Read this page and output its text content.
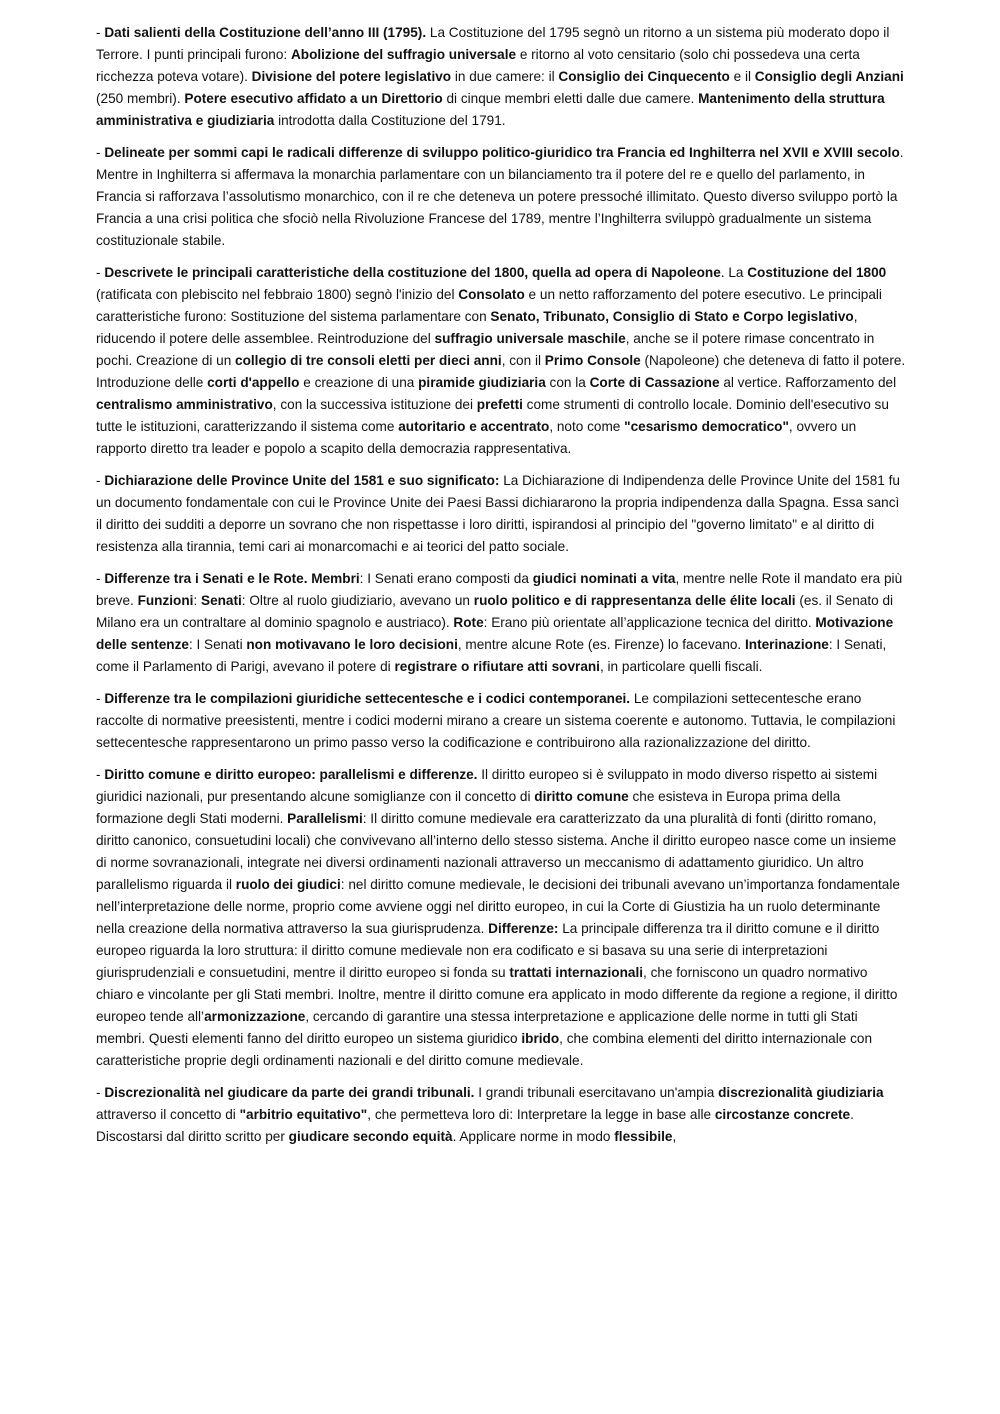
- Dati salienti della Costituzione dell’anno III (1795). La Costituzione del 1795 segnò un ritorno a un sistema più moderato dopo il Terrore. I punti principali furono: Abolizione del suffragio universale e ritorno al voto censitario (solo chi possedeva una certa ricchezza poteva votare). Divisione del potere legislativo in due camere: il Consiglio dei Cinquecento e il Consiglio degli Anziani (250 membri). Potere esecutivo affidato a un Direttorio di cinque membri eletti dalle due camere. Mantenimento della struttura amministrativa e giudiziaria introdotta dalla Costituzione del 1791.

- Delineate per sommi capi le radicali differenze di sviluppo politico-giuridico tra Francia ed Inghilterra nel XVII e XVIII secolo. Mentre in Inghilterra si affermava la monarchia parlamentare con un bilanciamento tra il potere del re e quello del parlamento, in Francia si rafforzava l’assolutismo monarchico, con il re che deteneva un potere pressoché illimitato. Questo diverso sviluppo portò la Francia a una crisi politica che sfociò nella Rivoluzione Francese del 1789, mentre l’Inghilterra sviluppò gradualmente un sistema costituzionale stabile.

- Descrivete le principali caratteristiche della costituzione del 1800, quella ad opera di Napoleone. La Costituzione del 1800 (ratificata con plebiscito nel febbraio 1800) segnò l'inizio del Consolato e un netto rafforzamento del potere esecutivo. Le principali caratteristiche furono: Sostituzione del sistema parlamentare con Senato, Tribunato, Consiglio di Stato e Corpo legislativo, riducendo il potere delle assemblee. Reintroduzione del suffragio universale maschile, anche se il potere rimase concentrato in pochi. Creazione di un collegio di tre consoli eletti per dieci anni, con il Primo Console (Napoleone) che deteneva di fatto il potere. Introduzione delle corti d'appello e creazione di una piramide giudiziaria con la Corte di Cassazione al vertice. Rafforzamento del centralismo amministrativo, con la successiva istituzione dei prefetti come strumenti di controllo locale. Dominio dell'esecutivo su tutte le istituzioni, caratterizzando il sistema come autoritario e accentrato, noto come "cesarismo democratico", ovvero un rapporto diretto tra leader e popolo a scapito della democrazia rappresentativa.

- Dichiarazione delle Province Unite del 1581 e suo significato: La Dichiarazione di Indipendenza delle Province Unite del 1581 fu un documento fondamentale con cui le Province Unite dei Paesi Bassi dichiararono la propria indipendenza dalla Spagna. Essa sancì il diritto dei sudditi a deporre un sovrano che non rispettasse i loro diritti, ispirandosi al principio del "governo limitato" e al diritto di resistenza alla tirannia, temi cari ai monarcomachi e ai teorici del patto sociale.

- Differenze tra i Senati e le Rote. Membri: I Senati erano composti da giudici nominati a vita, mentre nelle Rote il mandato era più breve. Funzioni: Senati: Oltre al ruolo giudiziario, avevano un ruolo politico e di rappresentanza delle élite locali (es. il Senato di Milano era un contraltare al dominio spagnolo e austriaco). Rote: Erano più orientate all’applicazione tecnica del diritto. Motivazione delle sentenze: I Senati non motivavano le loro decisioni, mentre alcune Rote (es. Firenze) lo facevano. Interinazione: I Senati, come il Parlamento di Parigi, avevano il potere di registrare o rifiutare atti sovrani, in particolare quelli fiscali.

- Differenze tra le compilazioni giuridiche settecentesche e i codici contemporanei. Le compilazioni settecentesche erano raccolte di normative preesistenti, mentre i codici moderni mirano a creare un sistema coerente e autonomo. Tuttavia, le compilazioni settecentesche rappresentarono un primo passo verso la codificazione e contribuirono alla razionalizzazione del diritto.

- Diritto comune e diritto europeo: parallelismi e differenze. Il diritto europeo si è sviluppato in modo diverso rispetto ai sistemi giuridici nazionali, pur presentando alcune somiglianze con il concetto di diritto comune che esisteva in Europa prima della formazione degli Stati moderni. Parallelismi: Il diritto comune medievale era caratterizzato da una pluralità di fonti (diritto romano, diritto canonico, consuetudini locali) che convivevano all’interno dello stesso sistema. Anche il diritto europeo nasce come un insieme di norme sovranazionali, integrate nei diversi ordinamenti nazionali attraverso un meccanismo di adattamento giuridico. Un altro parallelismo riguarda il ruolo dei giudici: nel diritto comune medievale, le decisioni dei tribunali avevano un’importanza fondamentale nell’interpretazione delle norme, proprio come avviene oggi nel diritto europeo, in cui la Corte di Giustizia ha un ruolo determinante nella creazione della normativa attraverso la sua giurisprudenza. Differenze: La principale differenza tra il diritto comune e il diritto europeo riguarda la loro struttura: il diritto comune medievale non era codificato e si basava su una serie di interpretazioni giurisprudenziali e consuetudini, mentre il diritto europeo si fonda su trattati internazionali, che forniscono un quadro normativo chiaro e vincolante per gli Stati membri. Inoltre, mentre il diritto comune era applicato in modo differente da regione a regione, il diritto europeo tende all’armonizzazione, cercando di garantire una stessa interpretazione e applicazione delle norme in tutti gli Stati membri. Questi elementi fanno del diritto europeo un sistema giuridico ibrido, che combina elementi del diritto internazionale con caratteristiche proprie degli ordinamenti nazionali e del diritto comune medievale.

- Discrezionalità nel giudicare da parte dei grandi tribunali. I grandi tribunali esercitavano un'ampia discrezionalità giudiziaria attraverso il concetto di "arbitrio equitativo", che permetteva loro di: Interpretare la legge in base alle circostanze concrete. Discostarsi dal diritto scritto per giudicare secondo equità. Applicare norme in modo flessibile,
